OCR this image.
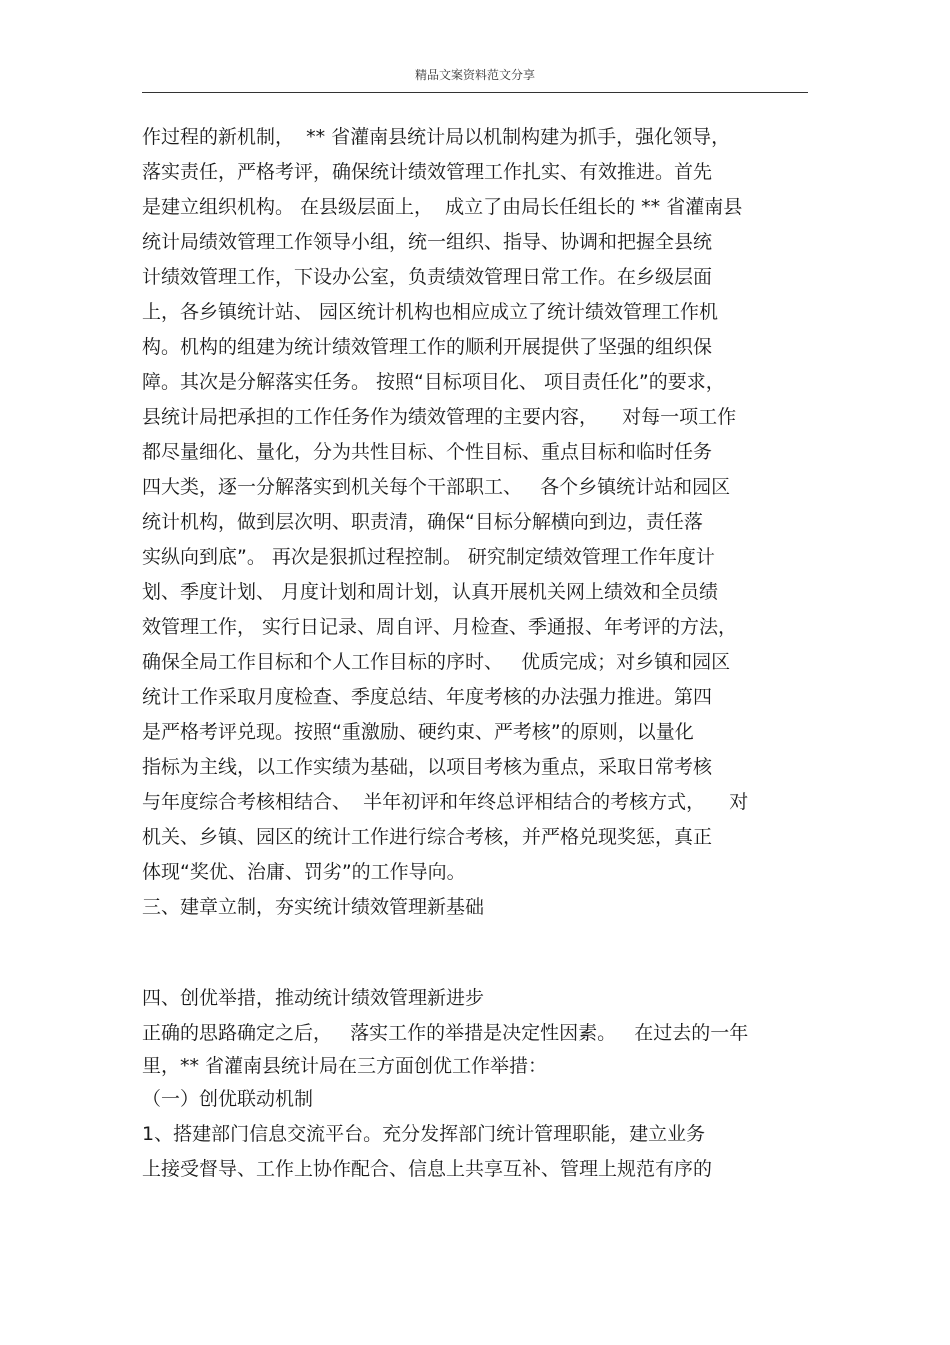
精品文案资料范文分享
作过程的新机制，  ** 省灌南县统计局以机制构建为抓手，强化领导，
落实责任，严格考评，确保统计绩效管理工作扎实、有效推进。首先
是建立组织机构。 在县级层面上，  成立了由局长任组长的 ** 省灌南县
统计局绩效管理工作领导小组，统一组织、指导、协调和把握全县统
计绩效管理工作，下设办公室，负责绩效管理日常工作。在乡级层面
上，各乡镇统计站、 园区统计机构也相应成立了统计绩效管理工作机
构。机构的组建为统计绩效管理工作的顺利开展提供了坚强的组织保
障。其次是分解落实任务。 按照“目标项目化、 项目责任化”的要求，
县统计局把承担的工作任务作为绩效管理的主要内容，    对每一项工作
都尽量细化、量化，分为共性目标、个性目标、重点目标和临时任务
四大类，逐一分解落实到机关每个干部职工、   各个乡镇统计站和园区
统计机构，做到层次明、职责清，确保“目标分解横向到边，责任落
实纵向到底”。 再次是狠抓过程控制。 研究制定绩效管理工作年度计
划、季度计划、 月度计划和周计划，认真开展机关网上绩效和全员绩
效管理工作， 实行日记录、周自评、月检查、季通报、年考评的方法，
确保全局工作目标和个人工作目标的序时、   优质完成；对乡镇和园区
统计工作采取月度检查、季度总结、年度考核的办法强力推进。第四
是严格考评兑现。按照“重激励、硬约束、严考核”的原则，以量化
指标为主线，以工作实绩为基础，以项目考核为重点，采取日常考核
与年度综合考核相结合、  半年初评和年终总评相结合的考核方式，    对
机关、乡镇、园区的统计工作进行综合考核，并严格兑现奖惩，真正
体现“奖优、治庸、罚劣”的工作导向。
三、建章立制，夯实统计绩效管理新基础
四、创优举措，推动统计绩效管理新进步
正确的思路确定之后，   落实工作的举措是决定性因素。   在过去的一年
里，** 省灌南县统计局在三方面创优工作举措：
（一）创优联动机制
1、搭建部门信息交流平台。充分发挥部门统计管理职能，建立业务
上接受督导、工作上协作配合、信息上共享互补、管理上规范有序的
